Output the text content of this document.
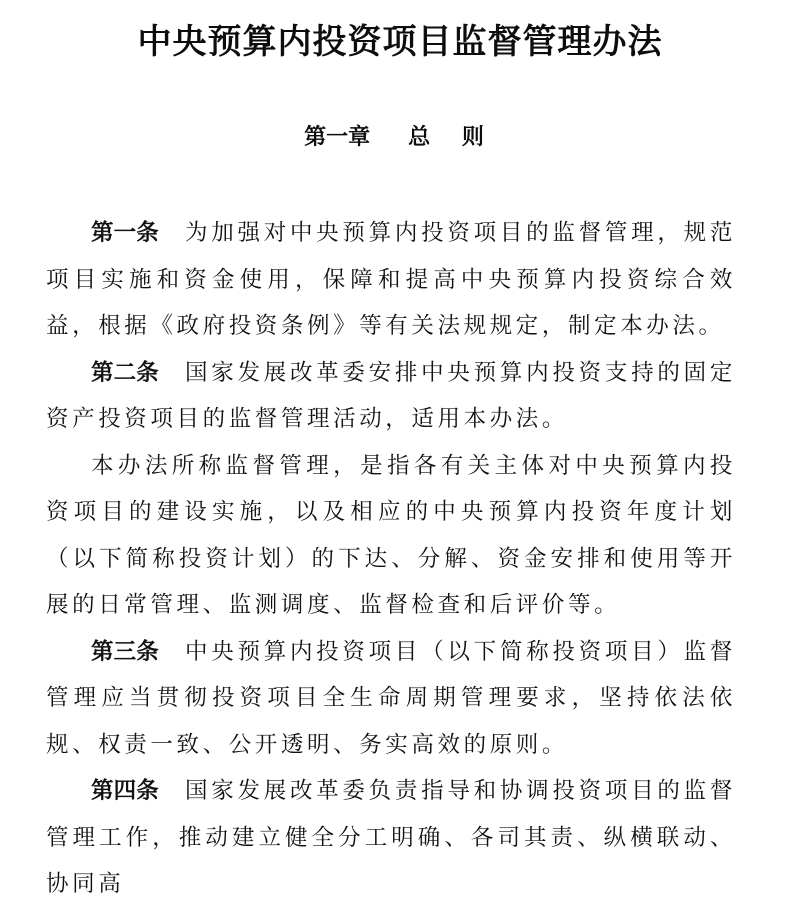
中央预算内投资项目监督管理办法
第一章 总 则

第一条 为加强对中央预算内投资项目的监督管理，规范项目实施和资金使用，保障和提高中央预算内投资综合效益，根据《政府投资条例》等有关法规规定，制定本办法。

第二条 国家发展改革委安排中央预算内投资支持的固定资产投资项目的监督管理活动，适用本办法。

本办法所称监督管理，是指各有关主体对中央预算内投资项目的建设实施，以及相应的中央预算内投资年度计划（以下简称投资计划）的下达、分解、资金安排和使用等开展的日常管理、监测调度、监督检查和后评价等。

第三条 中央预算内投资项目（以下简称投资项目）监督管理应当贯彻投资项目全生命周期管理要求，坚持依法依规、权责一致、公开透明、务实高效的原则。

第四条 国家发展改革委负责指导和协调投资项目的监督管理工作，推动建立健全分工明确、各司其责、纵横联动、协同高
